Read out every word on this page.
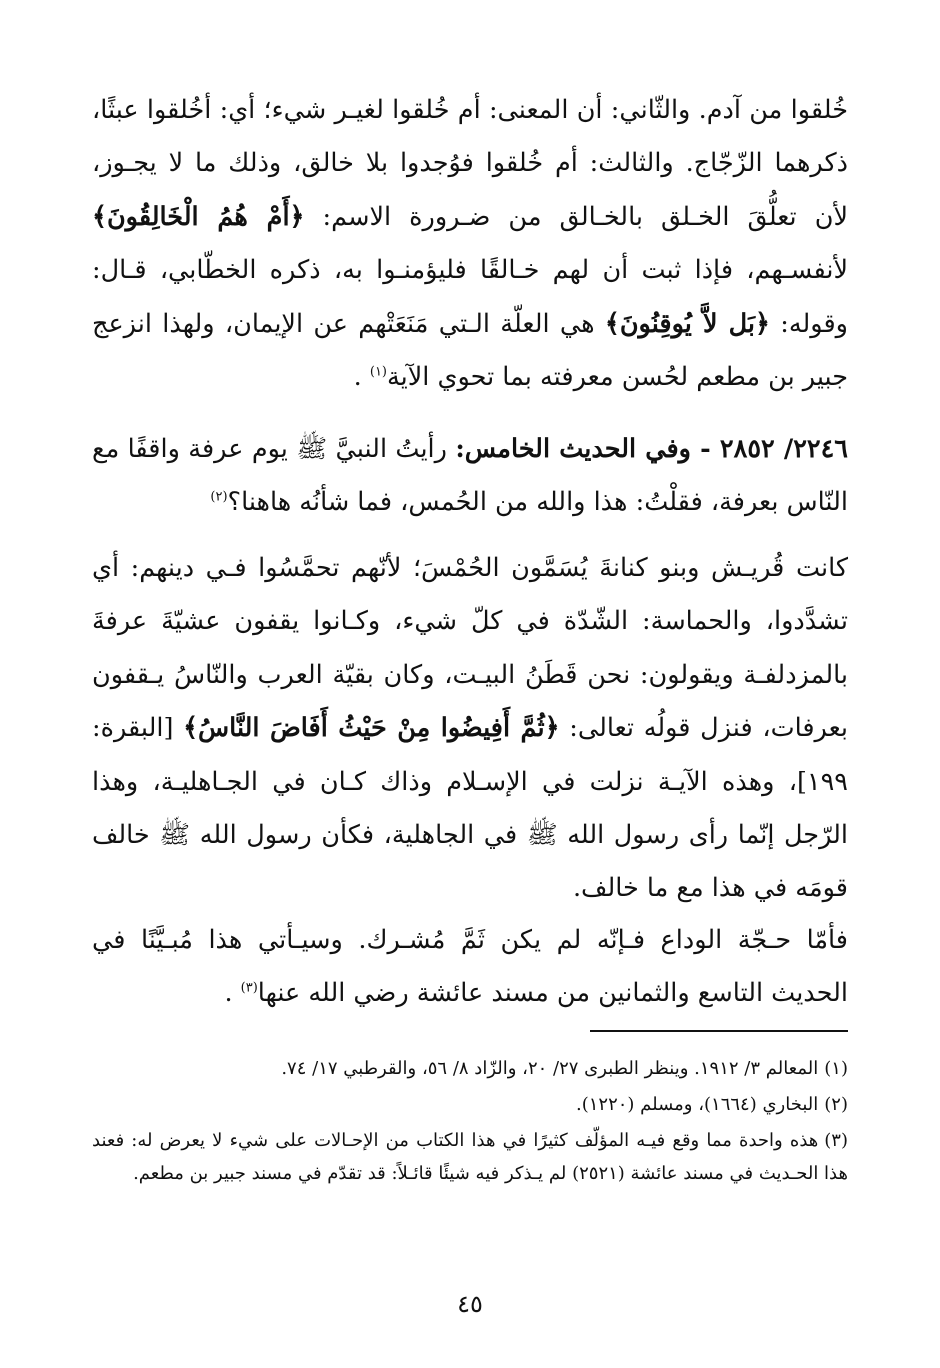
خُلقوا من آدم. والثّاني: أن المعنى: أم خُلقوا لغيـر شيء؛ أي: أخُلقوا عبثًا، ذكرهما الزّجّاج. والثالث: أم خُلقوا فوُجدوا بلا خالق، وذلك ما لا يجـوز، لأن تعلُّقَ الخـلق بالخـالق من ضـرورة الاسم: ﴿أَمْ هُمُ الْخَالِقُونَ﴾ لأنفسـهم، فإذا ثبت أن لهم خـالقًا فليؤمنـوا به، ذكره الخطّابي، قـال: وقوله: ﴿بَل لاَّ يُوقِنُونَ﴾ هي العلّة الـتي مَنَعَتْهم عن الإيمان، ولهذا انزعج جبير بن مطعم لحُسن معرفته بما تحوي الآية$^{(١)}$ .

٢٢٤٦/ ٢٨٥٢ - وفي الحديث الخامس: رأيتُ النبيَّ ﷺ يوم عرفة واقفًا مع النّاس بعرفة، فقلْتُ: هذا والله من الحُمس، فما شأنُه هاهنا؟$^{(٢)}$

كانت قُريـش وبنو كنانةَ يُسَمَّون الحُمْسَ؛ لأنّهم تحمَّسُوا فـي دينهم: أي تشدَّدوا، والحماسة: الشّدّة في كلّ شيء، وكـانوا يقفون عشيّةَ عرفةَ بالمزدلفـة ويقولون: نحن قَطَنُ البيـت، وكان بقيّة العرب والنّاسُ يـقفون بعرفات، فنزل قولُه تعالى: ﴿ثُمَّ أَفِيضُوا مِنْ حَيْثُ أَفَاضَ النَّاسُ﴾ [البقرة: ١٩٩]، وهذه الآيـة نزلت في الإسـلام وذاك كـان في الجـاهليـة، وهذا الرّجل إنّما رأى رسول الله ﷺ في الجاهلية، فكأن رسول الله ﷺ خالف قومَه في هذا مع ما خالف.

فأمّا حـجّة الوداع فـإنّه لم يكن ثَمَّ مُشـرك. وسيـأتي هذا مُبـيَّنًا في الحديث التاسع والثمانين من مسند عائشة رضي الله عنها$^{(٣)}$ .

(١)المعالم ٣/ ١٩١٢. وينظر الطبرى ٢٧/ ٢٠، والزّاد ٨/ ٥٦، والقرطبي ١٧/ ٧٤.
(٢)البخاري (١٦٦٤)، ومسلم (١٢٢٠).
(٣)هذه واحدة مما وقع فيـه المؤلّف كثيرًا في هذا الكتاب من الإحـالات على شيء لا يعرض له: فعند هذا الحـديث في مسند عائشة (٢٥٢١) لم يـذكر فيه شيئًا قائـلاً: قد تقدّم في مسند جبير بن مطعم.
٤٥
